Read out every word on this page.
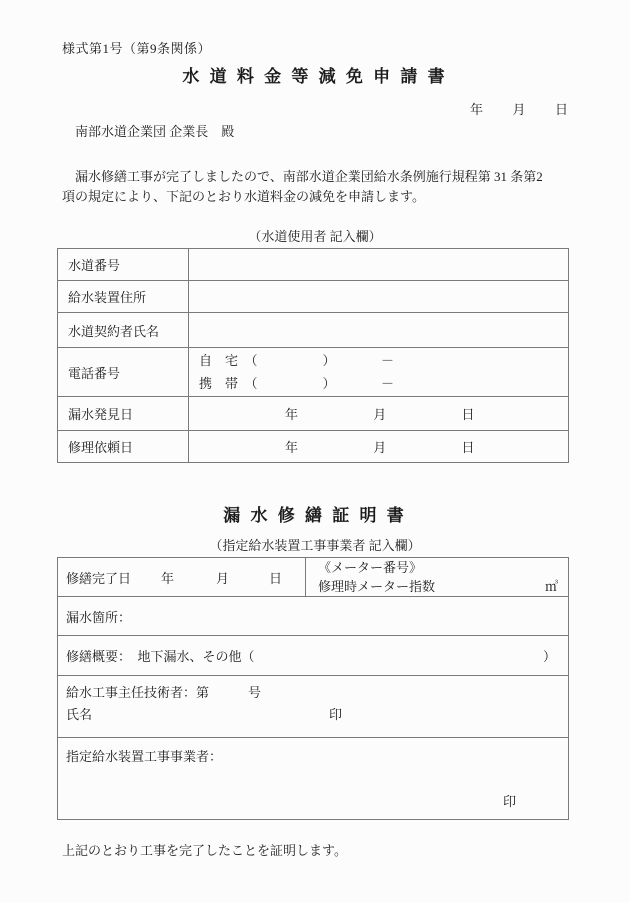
様式第1号（第9条関係）
水 道 料 金 等 減 免 申 請 書
年 月 日
南部水道企業団 企業長　殿
　漏水修繕工事が完了しましたので、南部水道企業団給水条例施行規程第 31 条第2
項の規定により、下記のとおり水道料金の減免を申請します。
（水道使用者 記入欄）
水道番号	
給水装置住所	
水道契約者氏名	
電話番号	自　宅　（　　　　　）　　　　－
携　帯　（　　　　　）　　　　－

漏水発見日	年 月 日
修理依頼日	年 月 日
漏 水 修 繕 証 明 書
（指定給水装置工事事業者 記入欄）
修繕完了日 年	月	日	
《メーター番号》
修理時メーター指数	㎥

漏水箇所：

修繕概要：　地下漏水、その他（	）

給水工事主任技術者：第　　　号
氏名	印

指定給水装置工事事業者：
印
上記のとおり工事を完了したことを証明します。
